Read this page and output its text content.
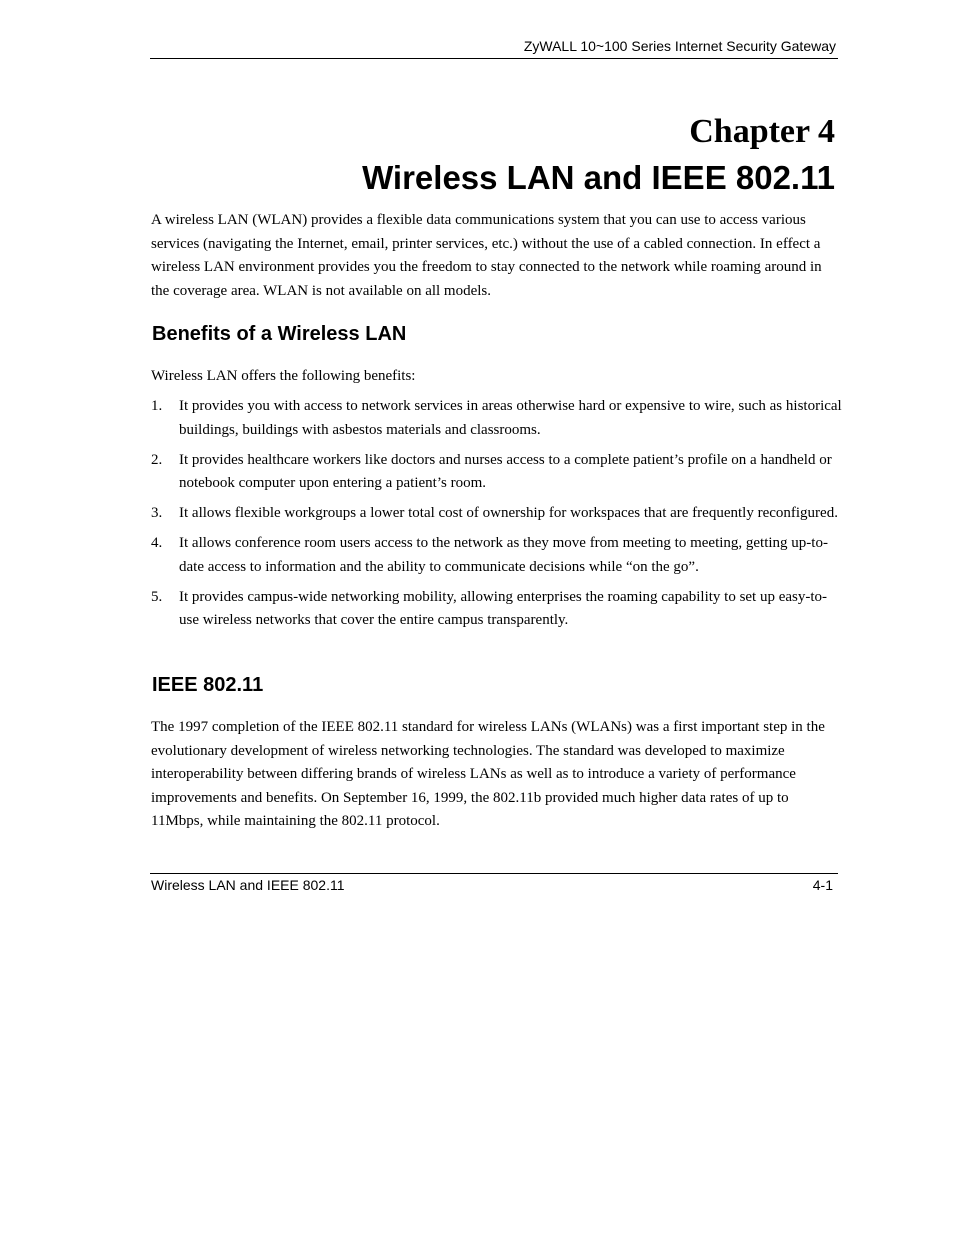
ZyWALL 10~100 Series Internet Security Gateway
Chapter 4
Wireless LAN and IEEE 802.11

A wireless LAN (WLAN) provides a flexible data communications system that you can use to access various services (navigating the Internet, email, printer services, etc.) without the use of a cabled connection. In effect a wireless LAN environment provides you the freedom to stay connected to the network while roaming around in the coverage area. WLAN is not available on all models.

Benefits of a Wireless LAN

Wireless LAN offers the following benefits:

1.	It provides you with access to network services in areas otherwise hard or expensive to wire, such as historical buildings, buildings with asbestos materials and classrooms.
2.	It provides healthcare workers like doctors and nurses access to a complete patient’s profile on a handheld or notebook computer upon entering a patient’s room.
3.	It allows flexible workgroups a lower total cost of ownership for workspaces that are frequently reconfigured.
4.	It allows conference room users access to the network as they move from meeting to meeting, getting up-to-date access to information and the ability to communicate decisions while “on the go”.
5.	It provides campus-wide networking mobility, allowing enterprises the roaming capability to set up easy-to-use wireless networks that cover the entire campus transparently.
IEEE 802.11

The 1997 completion of the IEEE 802.11 standard for wireless LANs (WLANs) was a first important step in the evolutionary development of wireless networking technologies. The standard was developed to maximize interoperability between differing brands of wireless LANs as well as to introduce a variety of performance improvements and benefits. On September 16, 1999, the 802.11b provided much higher data rates of up to 11Mbps, while maintaining the 802.11 protocol.

Wireless LAN and IEEE 802.11	4-1
